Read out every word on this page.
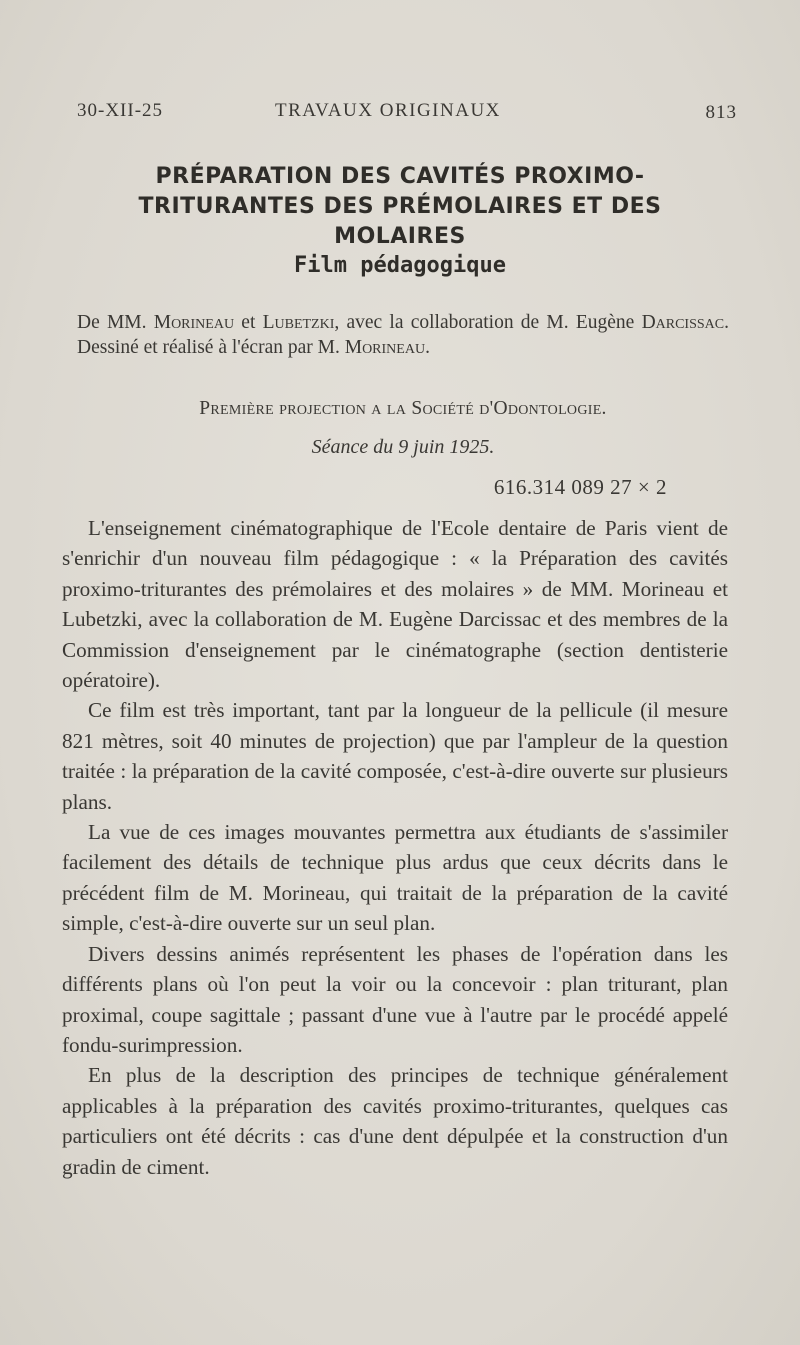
30-XII-25	TRAVAUX ORIGINAUX	813
PRÉPARATION DES CAVITÉS PROXIMO-
TRITURANTES DES PRÉMOLAIRES ET DES
MOLAIRES
Film pédagogique
De MM. Morineau et Lubetzki, avec la collaboration de M. Eugène Darcissac. Dessiné et réalisé à l'écran par M. Morineau.
Première projection a la Société d'Odontologie.
Séance du 9 juin 1925.
616.314 089 27 × 2

L'enseignement cinématographique de l'Ecole dentaire de Paris vient de s'enrichir d'un nouveau film pédagogique : « la Préparation des cavités proximo-triturantes des prémolaires et des molaires » de MM. Morineau et Lubetzki, avec la collaboration de M. Eugène Darcissac et des membres de la Commission d'enseignement par le cinématographe (section dentisterie opératoire).

Ce film est très important, tant par la longueur de la pellicule (il mesure 821 mètres, soit 40 minutes de projection) que par l'ampleur de la question traitée : la préparation de la cavité composée, c'est-à-dire ouverte sur plusieurs plans.

La vue de ces images mouvantes permettra aux étudiants de s'assimiler facilement des détails de technique plus ardus que ceux décrits dans le précédent film de M. Morineau, qui traitait de la préparation de la cavité simple, c'est-à-dire ouverte sur un seul plan.

Divers dessins animés représentent les phases de l'opération dans les différents plans où l'on peut la voir ou la concevoir : plan triturant, plan proximal, coupe sagittale ; passant d'une vue à l'autre par le procédé appelé fondu-surimpression.

En plus de la description des principes de technique généralement applicables à la préparation des cavités proximo-triturantes, quelques cas particuliers ont été décrits : cas d'une dent dépulpée et la construction d'un gradin de ciment.
